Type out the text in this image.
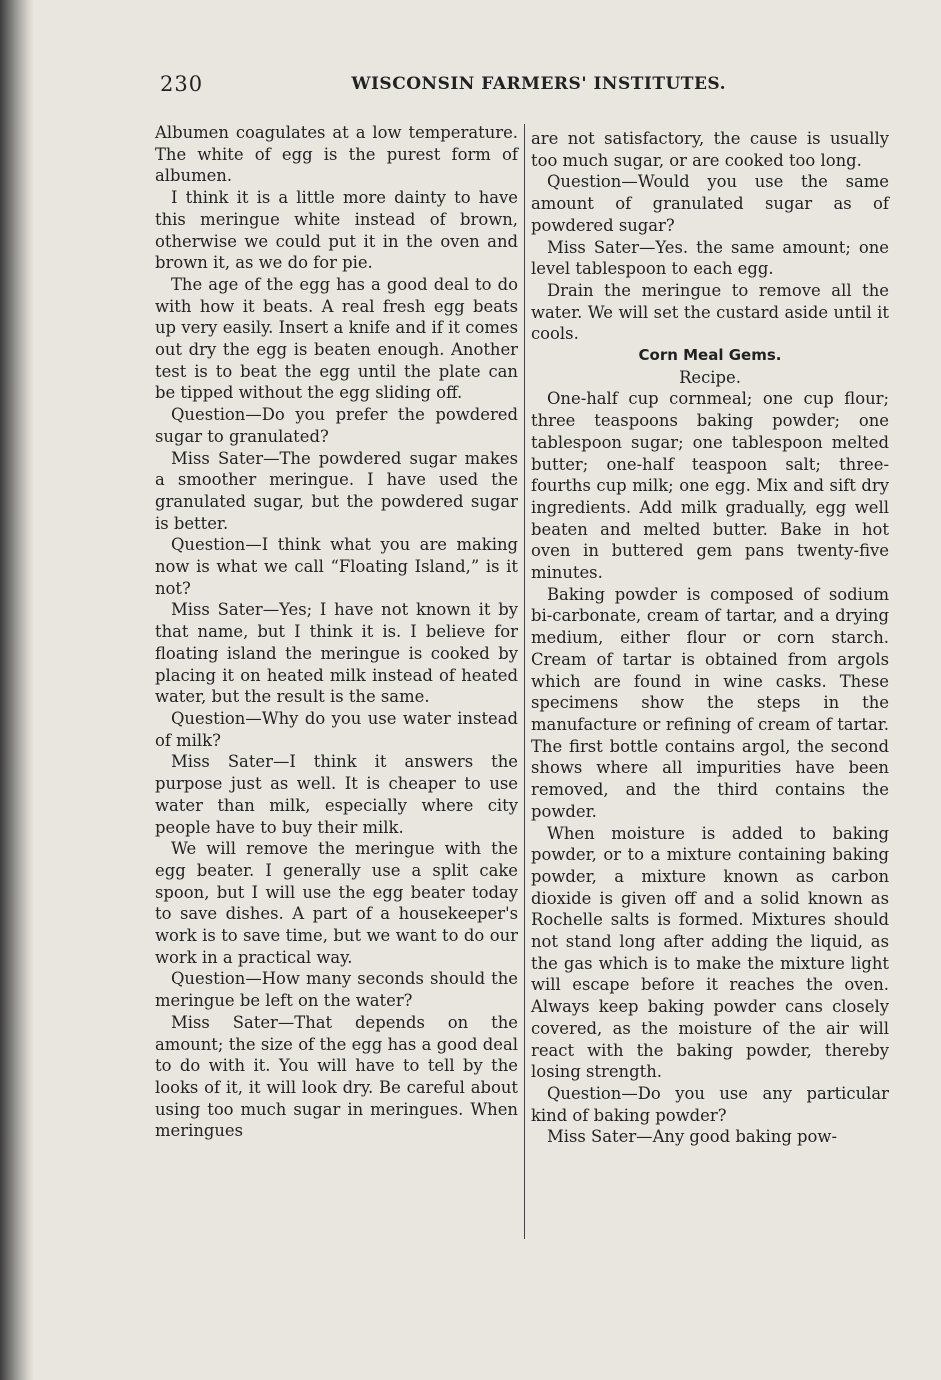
230	WISCONSIN FARMERS' INSTITUTES.

Albumen coagulates at a low temperature. The white of egg is the purest form of albumen.

I think it is a little more dainty to have this meringue white instead of brown, otherwise we could put it in the oven and brown it, as we do for pie.

The age of the egg has a good deal to do with how it beats. A real fresh egg beats up very easily. Insert a knife and if it comes out dry the egg is beaten enough. Another test is to beat the egg until the plate can be tipped without the egg sliding off.

Question—Do you prefer the powdered sugar to granulated?

Miss Sater—The powdered sugar makes a smoother meringue. I have used the granulated sugar, but the powdered sugar is better.

Question—I think what you are making now is what we call “Floating Island,” is it not?

Miss Sater—Yes; I have not known it by that name, but I think it is. I believe for floating island the meringue is cooked by placing it on heated milk instead of heated water, but the result is the same.

Question—Why do you use water instead of milk?

Miss Sater—I think it answers the purpose just as well. It is cheaper to use water than milk, especially where city people have to buy their milk.

We will remove the meringue with the egg beater. I generally use a split cake spoon, but I will use the egg beater today to save dishes. A part of a housekeeper's work is to save time, but we want to do our work in a practical way.

Question—How many seconds should the meringue be left on the water?

Miss Sater—That depends on the amount; the size of the egg has a good deal to do with it. You will have to tell by the looks of it, it will look dry. Be careful about using too much sugar in meringues. When meringues

are not satisfactory, the cause is usually too much sugar, or are cooked too long.

Question—Would you use the same amount of granulated sugar as of powdered sugar?

Miss Sater—Yes. the same amount; one level tablespoon to each egg.

Drain the meringue to remove all the water. We will set the custard aside until it cools.

Corn Meal Gems.

Recipe.

One-half cup cornmeal; one cup flour; three teaspoons baking powder; one tablespoon sugar; one tablespoon melted butter; one-half teaspoon salt; three-fourths cup milk; one egg. Mix and sift dry ingredients. Add milk gradually, egg well beaten and melted butter. Bake in hot oven in buttered gem pans twenty-five minutes.

Baking powder is composed of sodium bi-carbonate, cream of tartar, and a drying medium, either flour or corn starch. Cream of tartar is obtained from argols which are found in wine casks. These specimens show the steps in the manufacture or refining of cream of tartar. The first bottle contains argol, the second shows where all impurities have been removed, and the third contains the powder.

When moisture is added to baking powder, or to a mixture containing baking powder, a mixture known as carbon dioxide is given off and a solid known as Rochelle salts is formed. Mixtures should not stand long after adding the liquid, as the gas which is to make the mixture light will escape before it reaches the oven. Always keep baking powder cans closely covered, as the moisture of the air will react with the baking powder, thereby losing strength.

Question—Do you use any particular kind of baking powder?

Miss Sater—Any good baking pow-
